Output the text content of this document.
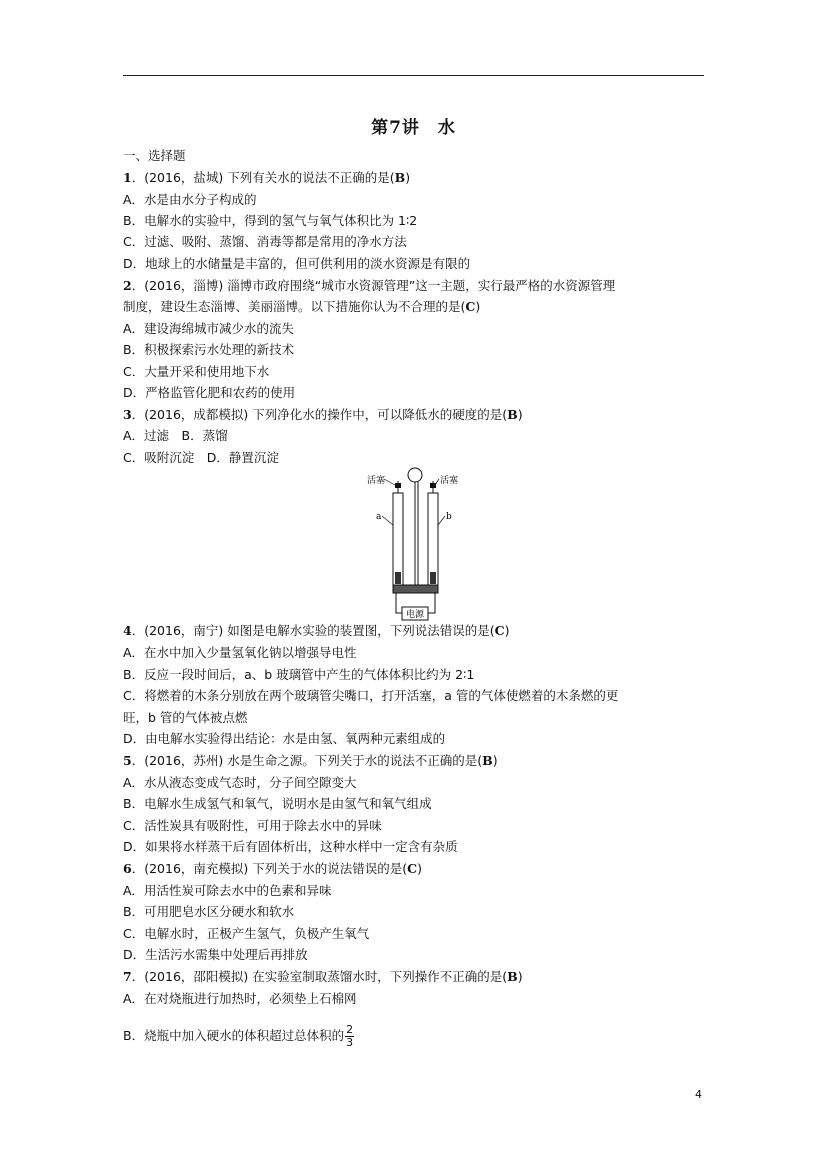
第7讲　水
一、选择题
1．(2016，盐城) 下列有关水的说法不正确的是(B)
A．水是由水分子构成的
B．电解水的实验中，得到的氢气与氧气体积比为 1∶2
C．过滤、吸附、蒸馏、消毒等都是常用的净水方法
D．地球上的水储量是丰富的，但可供利用的淡水资源是有限的
2．(2016，淄博) 淄博市政府围绕“城市水资源管理”这一主题，实行最严格的水资源管理
制度，建设生态淄博、美丽淄博。以下措施你认为不合理的是(C)
A．建设海绵城市减少水的流失
B．积极探索污水处理的新技术
C．大量开采和使用地下水
D．严格监管化肥和农药的使用
3．(2016，成都模拟) 下列净化水的操作中，可以降低水的硬度的是(B)
A．过滤　B．蒸馏
C．吸附沉淀　D．静置沉淀
电源
活塞	活塞
a	b
4．(2016，南宁) 如图是电解水实验的装置图，下列说法错误的是(C)
A．在水中加入少量氢氧化钠以增强导电性
B．反应一段时间后，a、b 玻璃管中产生的气体体积比约为 2∶1
C．将燃着的木条分别放在两个玻璃管尖嘴口，打开活塞，a 管的气体使燃着的木条燃的更
旺，b 管的气体被点燃
D．由电解水实验得出结论：水是由氢、氧两种元素组成的
5．(2016，苏州) 水是生命之源。下列关于水的说法不正确的是(B)
A．水从液态变成气态时，分子间空隙变大
B．电解水生成氢气和氧气，说明水是由氢气和氧气组成
C．活性炭具有吸附性，可用于除去水中的异味
D．如果将水样蒸干后有固体析出，这种水样中一定含有杂质
6．(2016，南充模拟) 下列关于水的说法错误的是(C)
A．用活性炭可除去水中的色素和异味
B．可用肥皂水区分硬水和软水
C．电解水时，正极产生氢气，负极产生氧气
D．生活污水需集中处理后再排放
7．(2016，邵阳模拟) 在实验室制取蒸馏水时，下列操作不正确的是(B)
A．在对烧瓶进行加热时，必须垫上石棉网
B．烧瓶中加入硬水的体积超过总体积的 $\frac{2}{3}$
4
